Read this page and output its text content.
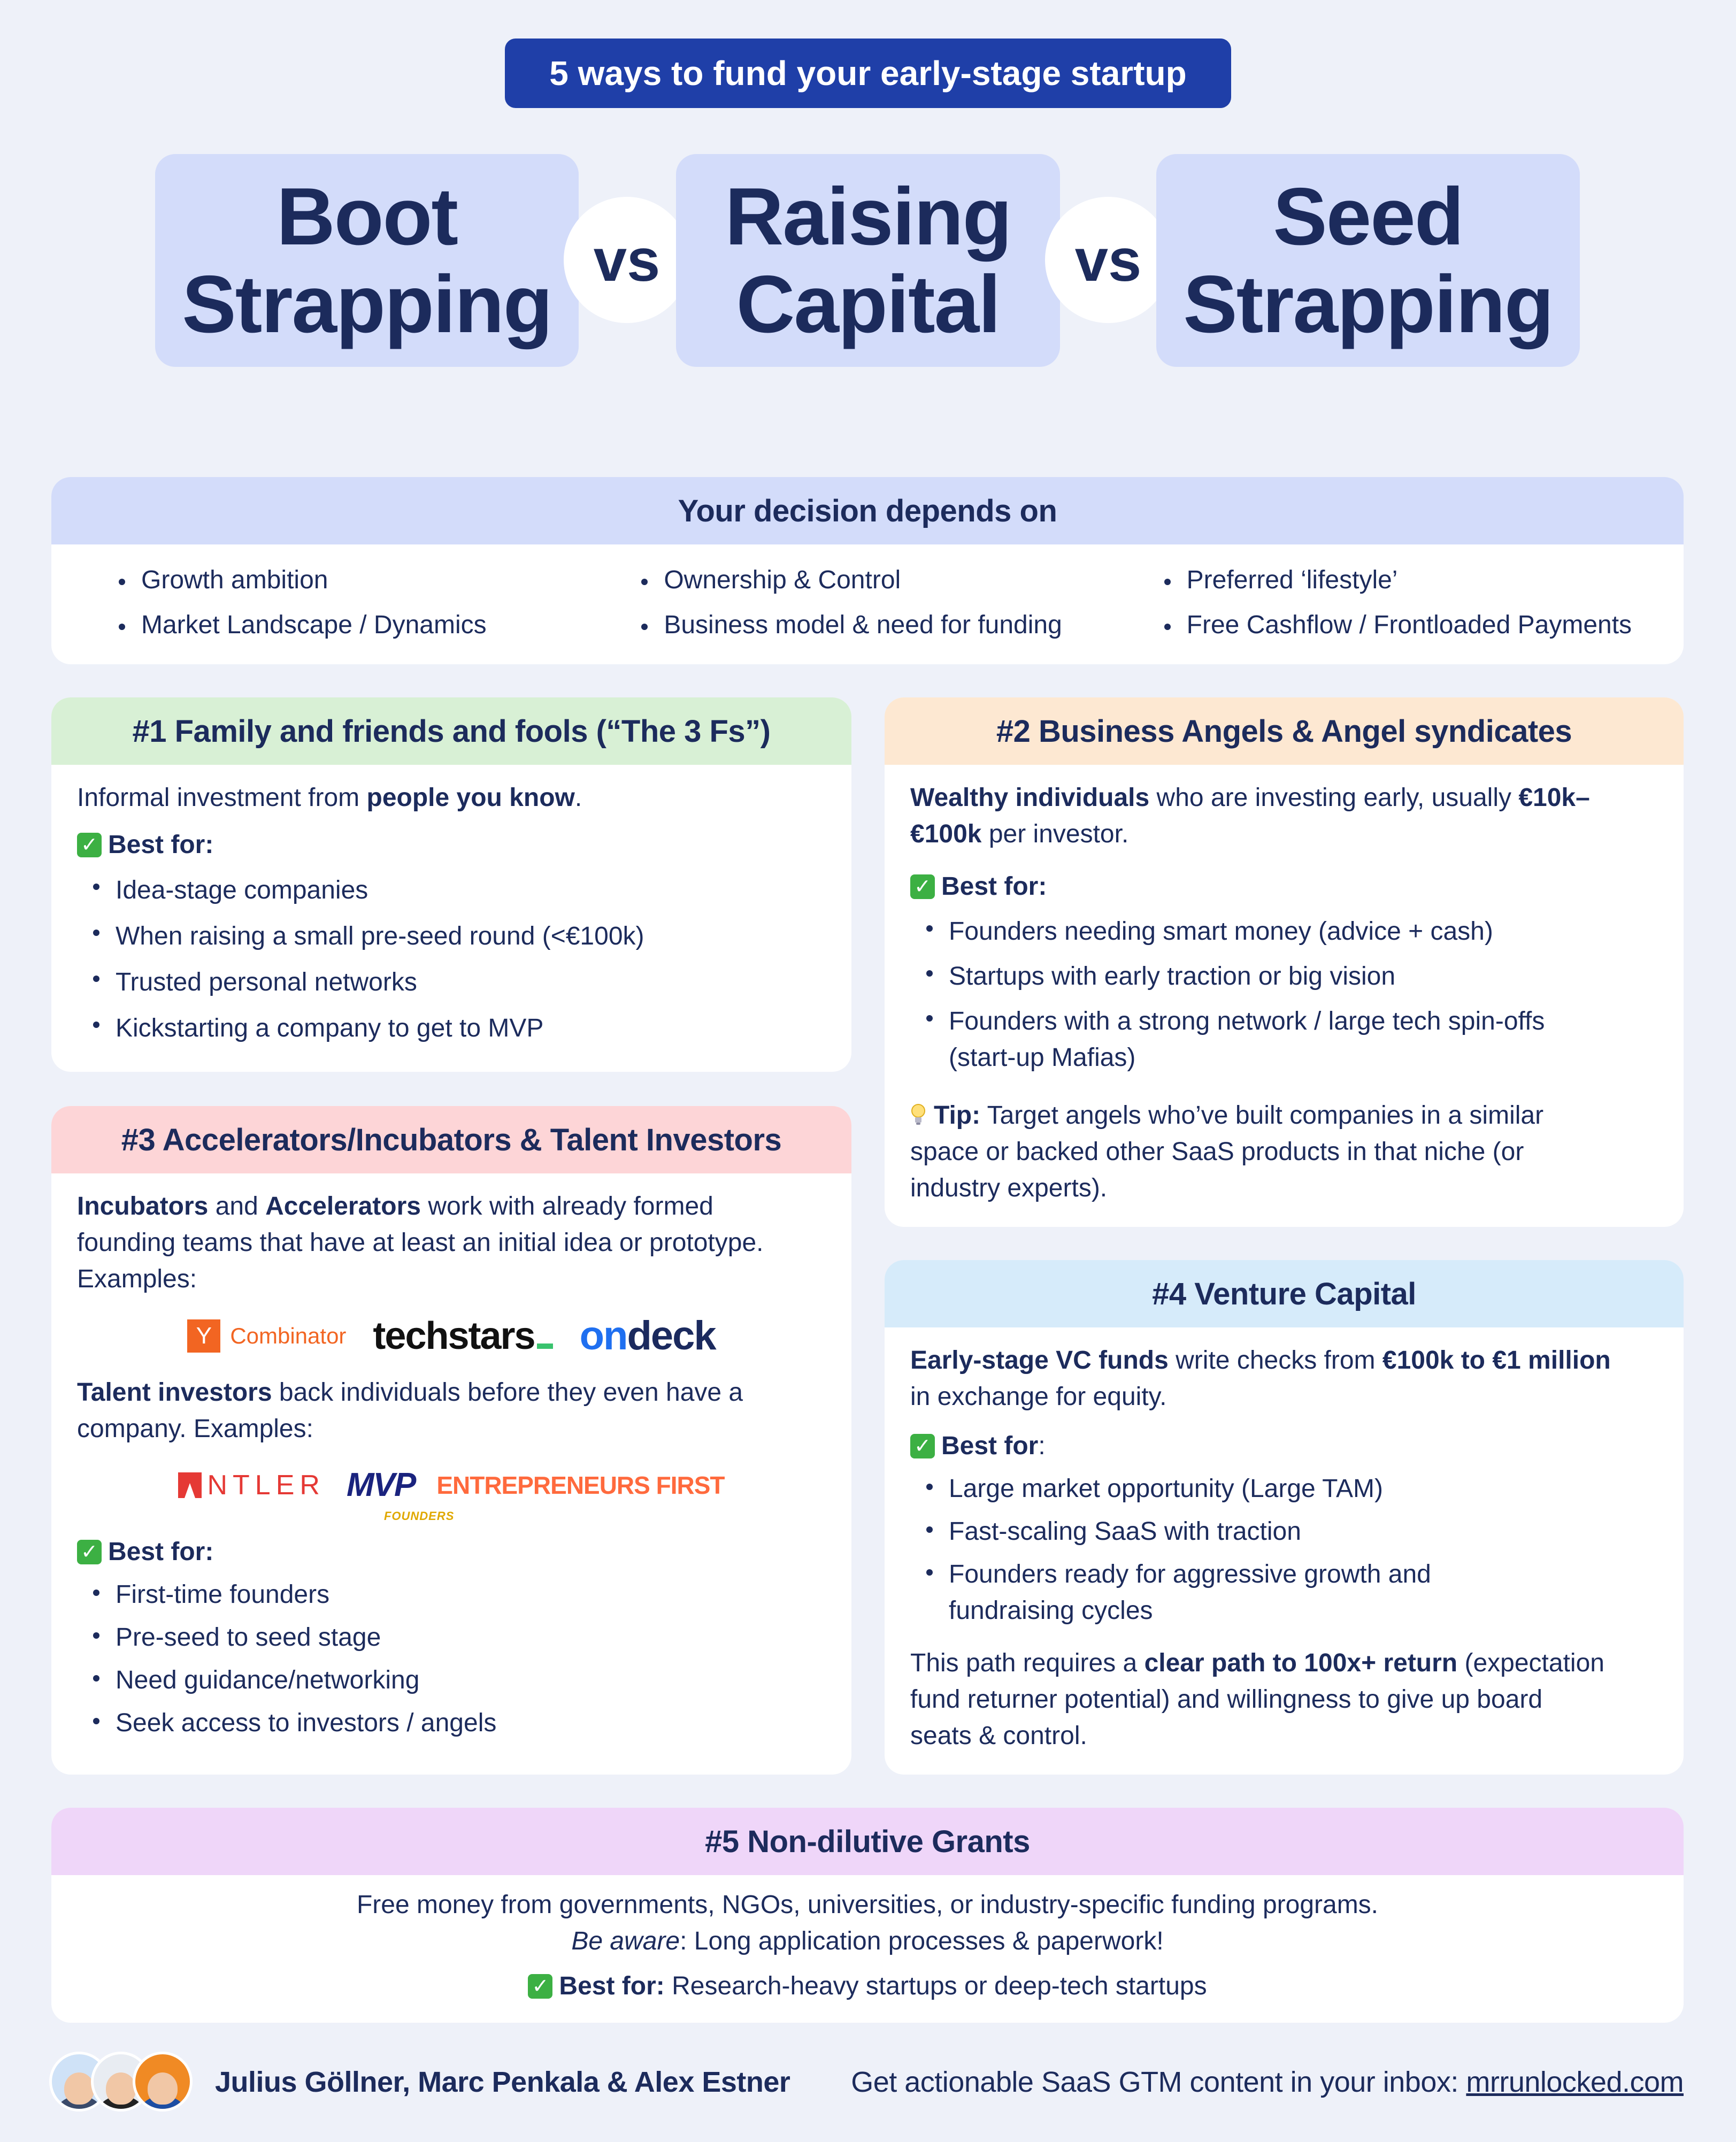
5 ways to fund your early-stage startup
Boot
Strapping vs Raising
Capital	vs	Seed
Strapping
Your decision depends on
Growth ambition
Market Landscape / Dynamics
Ownership & Control
Business model & need for funding
Preferred ‘lifestyle’
Free Cashflow / Frontloaded Payments
#1 Family and friends and fools (“The 3 Fs”)
Informal investment from people you know.
✓ Best for:
Idea-stage companies
When raising a small pre-seed round (<€100k)
Trusted personal networks
Kickstarting a company to get to MVP
#2 Business Angels & Angel syndicates
Wealthy individuals who are investing early, usually €10k–
€100k per investor.
✓ Best for:
Founders needing smart money (advice + cash)
Startups with early traction or big vision
Founders with a strong network / large tech spin-offs
(start-up Mafias)
Tip: Target angels who’ve built companies in a similar
space or backed other SaaS products in that niche (or
industry experts).
#3 Accelerators/Incubators & Talent Investors
Incubators and Accelerators work with already formed
founding teams that have at least an initial idea or prototype.
Examples:
Y Combinator techstars	ondeck
Talent investors back individuals before they even have a
company. Examples:
NTLER MVP
FOUNDERS
ENTREPRENEURS FIRST
✓ Best for:
First-time founders
Pre-seed to seed stage
Need guidance/networking
Seek access to investors / angels
#4 Venture Capital
Early-stage VC funds write checks from €100k to €1 million
in exchange for equity.
✓ Best for:
Large market opportunity (Large TAM)
Fast-scaling SaaS with traction
Founders ready for aggressive growth and
fundraising cycles
This path requires a clear path to 100x+ return (expectation
fund returner potential) and willingness to give up board
seats & control.
#5 Non-dilutive Grants
Free money from governments, NGOs, universities, or industry-specific funding programs.
Be aware: Long application processes & paperwork!
✓ Best for: Research-heavy startups or deep-tech startups
Julius Göllner, Marc Penkala & Alex Estner Get actionable SaaS GTM content in your inbox: mrrunlocked.com
